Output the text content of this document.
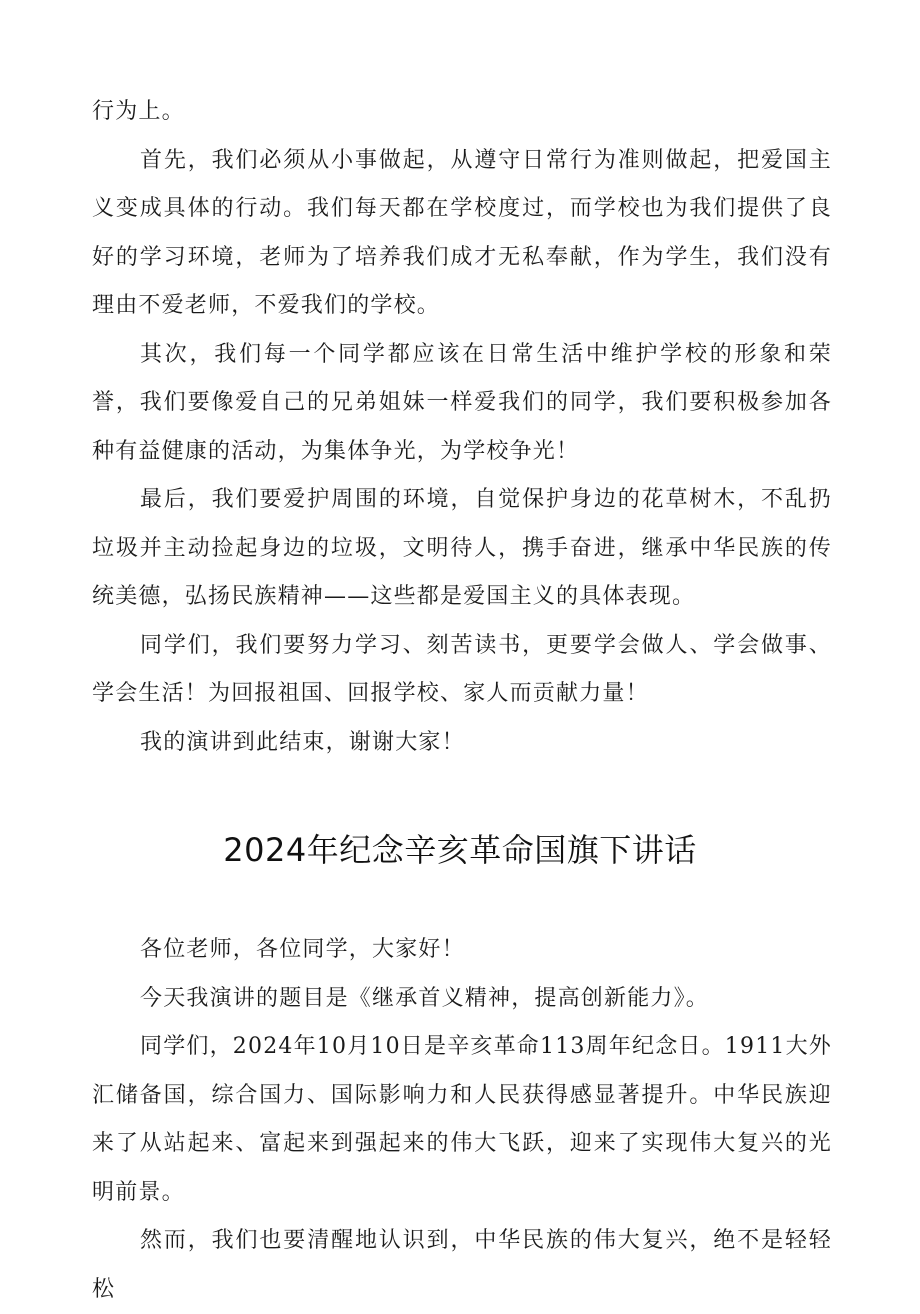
行为上。

首先，我们必须从小事做起，从遵守日常行为准则做起，把爱国主义变成具体的行动。我们每天都在学校度过，而学校也为我们提供了良好的学习环境，老师为了培养我们成才无私奉献，作为学生，我们没有理由不爱老师，不爱我们的学校。

其次，我们每一个同学都应该在日常生活中维护学校的形象和荣誉，我们要像爱自己的兄弟姐妹一样爱我们的同学，我们要积极参加各种有益健康的活动，为集体争光，为学校争光！

最后，我们要爱护周围的环境，自觉保护身边的花草树木，不乱扔垃圾并主动捡起身边的垃圾，文明待人，携手奋进，继承中华民族的传统美德，弘扬民族精神——这些都是爱国主义的具体表现。

同学们，我们要努力学习、刻苦读书，更要学会做人、学会做事、学会生活！为回报祖国、回报学校、家人而贡献力量！

我的演讲到此结束，谢谢大家！

2024年纪念辛亥革命国旗下讲话

各位老师，各位同学，大家好！

今天我演讲的题目是《继承首义精神，提高创新能力》。

同学们，2024年10月10日是辛亥革命113周年纪念日。1911大外汇储备国，综合国力、国际影响力和人民获得感显著提升。中华民族迎来了从站起来、富起来到强起来的伟大飞跃，迎来了实现伟大复兴的光明前景。

然而，我们也要清醒地认识到，中华民族的伟大复兴，绝不是轻轻松
